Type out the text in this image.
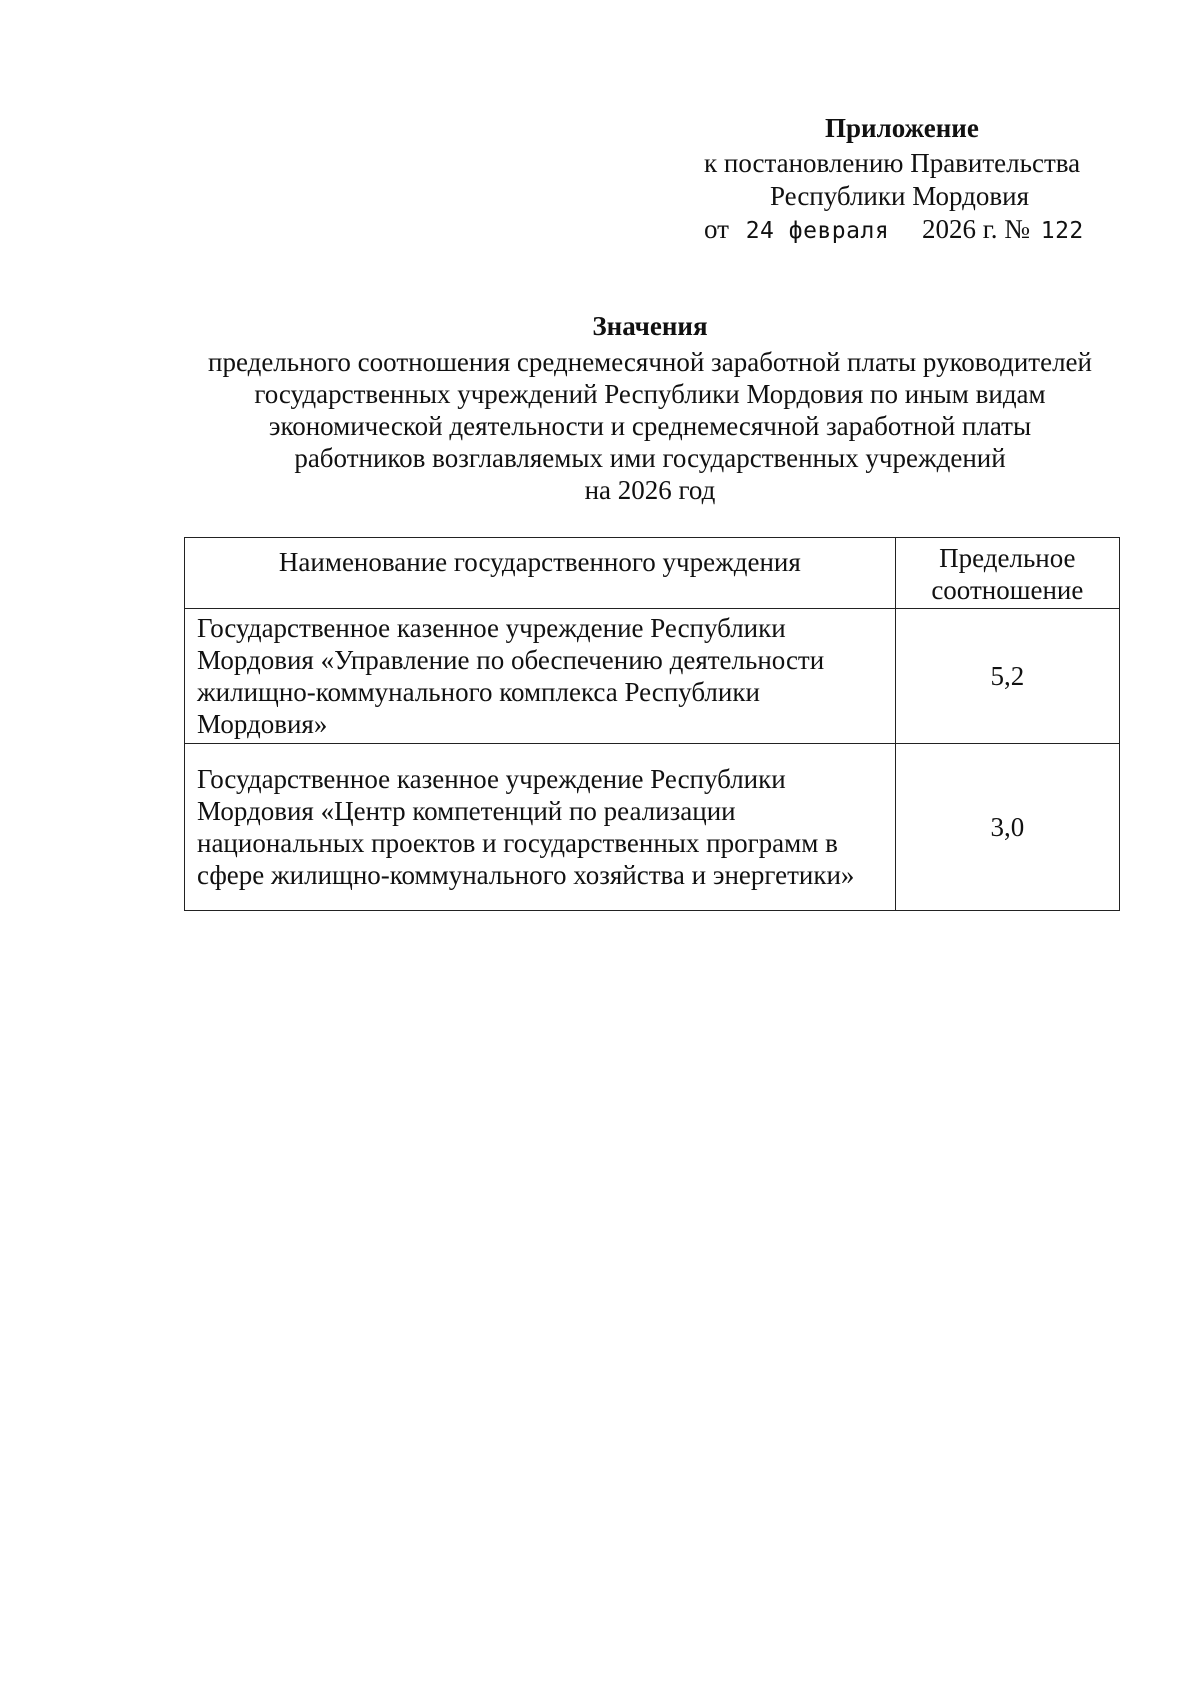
Приложение
к постановлению Правительства
Республики Мордовия
от 24 февраля 2026 г. № 122
Значения
предельного соотношения среднемесячной заработной платы руководителей
государственных учреждений Республики Мордовия по иным видам
экономической деятельности и среднемесячной заработной платы
работников возглавляемых ими государственных учреждений
на 2026 год
Наименование государственного учреждения	Предельное соотношение
Государственное казенное учреждение Республики Мордовия «Управление по обеспечению деятельности жилищно-коммунального комплекса Республики Мордовия»	5,2
Государственное казенное учреждение Республики Мордовия «Центр компетенций по реализации национальных проектов и государственных программ в сфере жилищно-коммунального хозяйства и энергетики»	3,0
